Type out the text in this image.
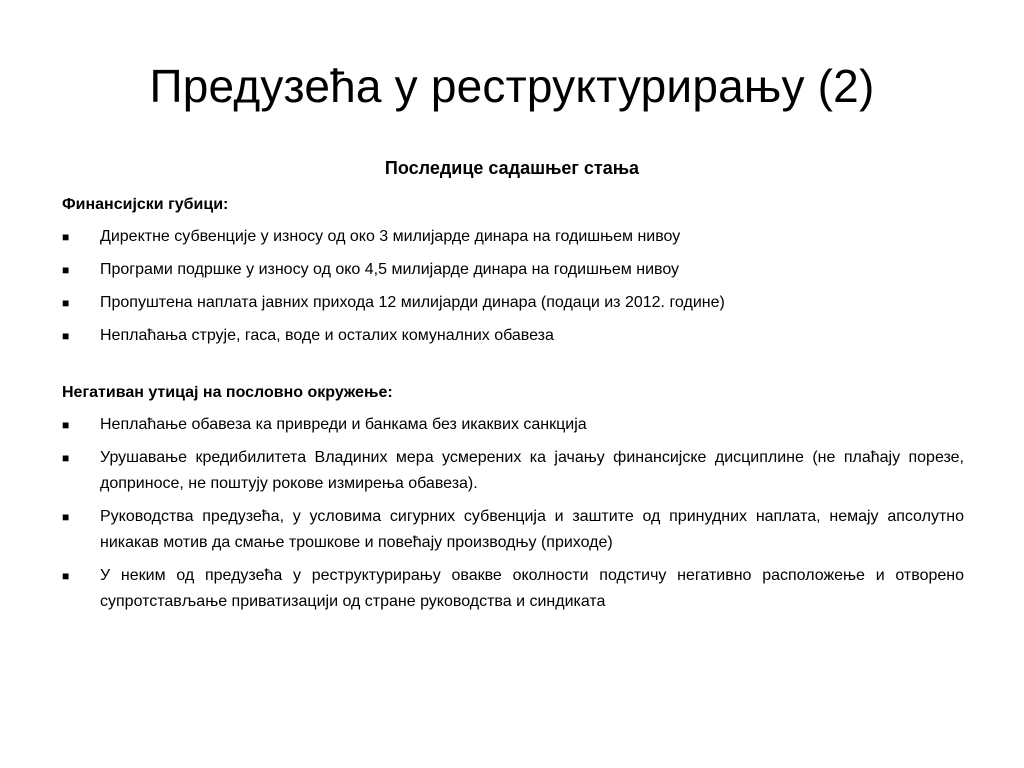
Предузећа у реструктурирању (2)
Последице садашњег стања

Финансијски губици:

■ Директне субвенције у износу од око 3 милијарде динара на годишњем нивоу
■ Програми подршке у износу од око 4,5 милијарде динара на годишњем нивоу
■ Пропуштена наплата јавних прихода 12 милијарди динара (подаци из 2012. године)
■ Неплаћања струје, гаса, воде и осталих комуналних обавеза

Негативан утицај на пословно окружење:

■ Неплаћање обавеза ка привреди и банкама без икаквих санкција
■ Урушавање кредибилитета Владиних мера усмерених ка јачању финансијске дисциплине (не плаћају порезе, доприносе, не поштују рокове измирења обавеза).
■ Руководства предузећа, у условима сигурних субвенција и заштите од принудних наплата, немају апсолутно никакав мотив да смање трошкове и повећају производњу (приходе)
■ У неким од предузећа у реструктурирању овакве околности подстичу негативно расположење и отворено супротстављање приватизацији од стране руководства и синдиката
